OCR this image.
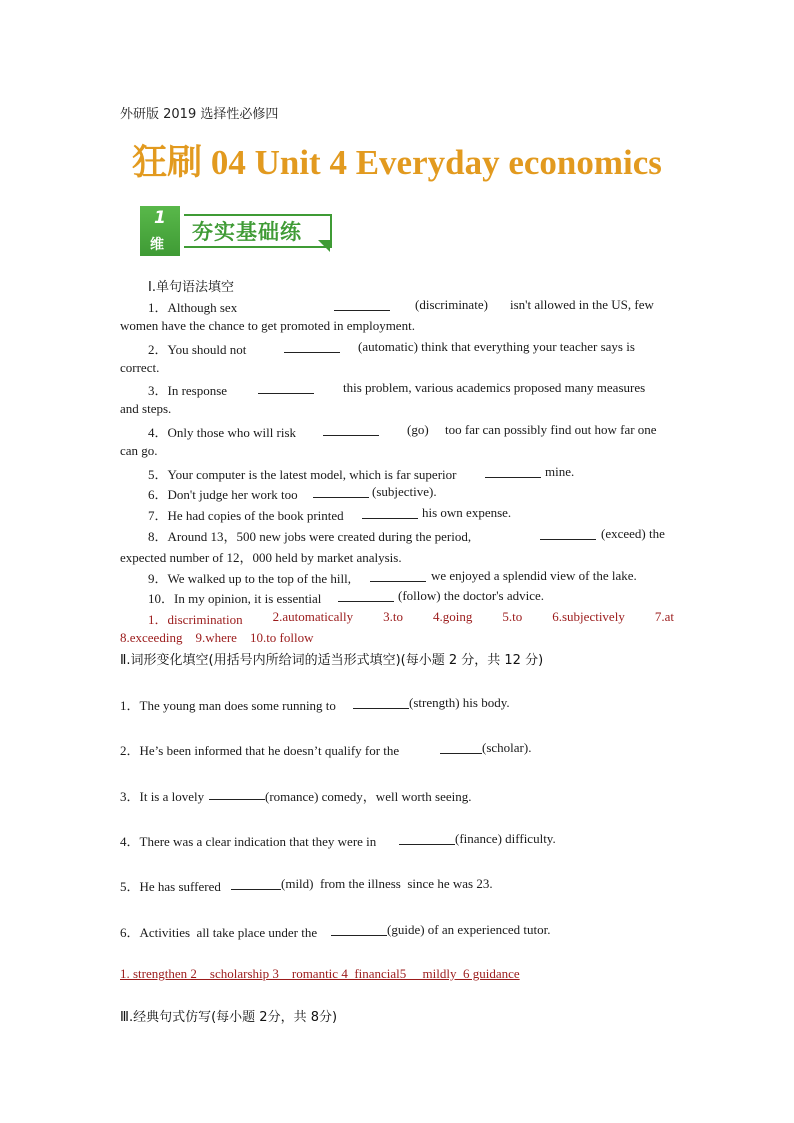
外研版 2019 选择性必修四
狂刷 04 Unit 4 Everyday economics
1
维
夯实基础练
Ⅰ.单句语法填空
1．Although sex	(discriminate) isn't allowed in the US, few
women have the chance to get promoted in employment.
2．You should not	(automatic) think that everything your teacher says is
correct.
3．In response	this problem, various academics proposed many measures
and steps.
4．Only those who will risk	(go) too far can possibly find out how far one
can go.
5．Your computer is the latest model, which is far superior	mine.
6．Don't judge her work too	(subjective).
7．He had copies of the book printed	his own expense.
8．Around 13，500 new jobs were created during the period,	(exceed) the
expected number of 12，000 held by market analysis.
9．We walked up to the top of the hill,	we enjoyed a splendid view of the lake.
10．In my opinion, it is essential	(follow) the doctor's advice.
1．discrimination 2.automatically 3.to 4.going 5.to 6.subjectively 7.at
8.exceeding    9.where    10.to follow
Ⅱ.词形变化填空(用括号内所给词的适当形式填空)(每小题 2 分，共 12 分)
1．The young man does some running to	(strength) his body.
2．He’s been informed that he doesn’t qualify for the	(scholar).
3．It is a lovely	(romance) comedy，well worth seeing.
4．There was a clear indication that they were in	(finance) difficulty.
5．He has suffered	(mild)  from the illness  since he was 23.
6．Activities  all take place under the	(guide) of an experienced tutor.
1. strengthen 2    scholarship 3    romantic 4  financial5     mildly  6 guidance
Ⅲ.经典句式仿写(每小题 2分，共 8分)
